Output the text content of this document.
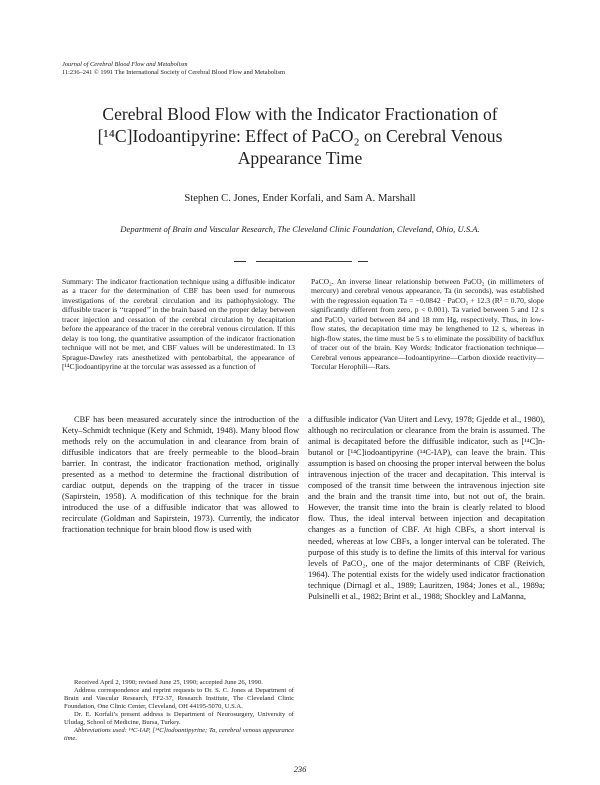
Journal of Cerebral Blood Flow and Metabolism
11:236–241 © 1991 The International Society of Cerebral Blood Flow and Metabolism
Cerebral Blood Flow with the Indicator Fractionation of
[¹⁴C]Iodoantipyrine: Effect of PaCO₂ on Cerebral Venous
Appearance Time
Stephen C. Jones, Ender Korfali, and Sam A. Marshall
Department of Brain and Vascular Research, The Cleveland Clinic Foundation, Cleveland, Ohio, U.S.A.

Summary: The indicator fractionation technique using a diffusible indicator as a tracer for the determination of CBF has been used for numerous investigations of the cerebral circulation and its pathophysiology. The diffusible tracer is ‘‘trapped’’ in the brain based on the proper delay between tracer injection and cessation of the cerebral circulation by decapitation before the appearance of the tracer in the cerebral venous circulation. If this delay is too long, the quantitative assumption of the indicator fractionation technique will not be met, and CBF values will be underestimated. In 13 Sprague-Dawley rats anesthetized with pentobarbital, the appearance of [¹⁴C]iodoantipyrine at the torcular was assessed as a function of

PaCO₂. An inverse linear relationship between PaCO₂ (in millimeters of mercury) and cerebral venous appearance, Ta (in seconds), was established with the regression equation Ta = −0.0842 · PaCO₂ + 12.3 (R² = 0.70, slope significantly different from zero, p < 0.001). Ta varied between 5 and 12 s and PaCO₂ varied between 84 and 18 mm Hg, respectively. Thus, in low-flow states, the decapitation time may be lengthened to 12 s, whereas in high-flow states, the time must be 5 s to eliminate the possibility of backflux of tracer out of the brain. Key Words: Indicator fractionation technique—Cerebral venous appearance—Iodoantipyrine—Carbon dioxide reactivity—Torcular Herophili—Rats.

CBF has been measured accurately since the introduction of the Kety–Schmidt technique (Kety and Schmidt, 1948). Many blood flow methods rely on the accumulation in and clearance from brain of diffusible indicators that are freely permeable to the blood–brain barrier. In contrast, the indicator fractionation method, originally presented as a method to determine the fractional distribution of cardiac output, depends on the trapping of the tracer in tissue (Sapirstein, 1958). A modification of this technique for the brain introduced the use of a diffusible indicator that was allowed to recirculate (Goldman and Sapirstein, 1973). Currently, the indicator fractionation technique for brain blood flow is used with

a diffusible indicator (Van Uitert and Levy, 1978; Gjedde et al., 1980), although no recirculation or clearance from the brain is assumed. The animal is decapitated before the diffusible indicator, such as [¹⁴C]n-butanol or [¹⁴C]iodoantipyrine (¹⁴C-IAP), can leave the brain. This assumption is based on choosing the proper interval between the bolus intravenous injection of the tracer and decapitation. This interval is composed of the transit time between the intravenous injection site and the brain and the transit time into, but not out of, the brain. However, the transit time into the brain is clearly related to blood flow. Thus, the ideal interval between injection and decapitation changes as a function of CBF. At high CBFs, a short interval is needed, whereas at low CBFs, a longer interval can be tolerated. The purpose of this study is to define the limits of this interval for various levels of PaCO₂, one of the major determinants of CBF (Reivich, 1964). The potential exists for the widely used indicator fractionation technique (Dirnagl et al., 1989; Lauritzen, 1984; Jones et al., 1989a; Pulsinelli et al., 1982; Brint et al., 1988; Shockley and LaManna,

Received April 2, 1990; revised June 25, 1990; accepted June 26, 1990.

Address correspondence and reprint requests to Dr. S. C. Jones at Department of Brain and Vascular Research, FF2-37, Research Institute, The Cleveland Clinic Foundation, One Clinic Center, Cleveland, OH 44195-5070, U.S.A.

Dr. E. Korfali’s present address is Department of Neurosurgery, University of Uludag, School of Medicine, Bursa, Turkey.

Abbreviations used: ¹⁴C-IAP, [¹⁴C]iodoantipyrine; Ta, cerebral venous appearance time.

236
